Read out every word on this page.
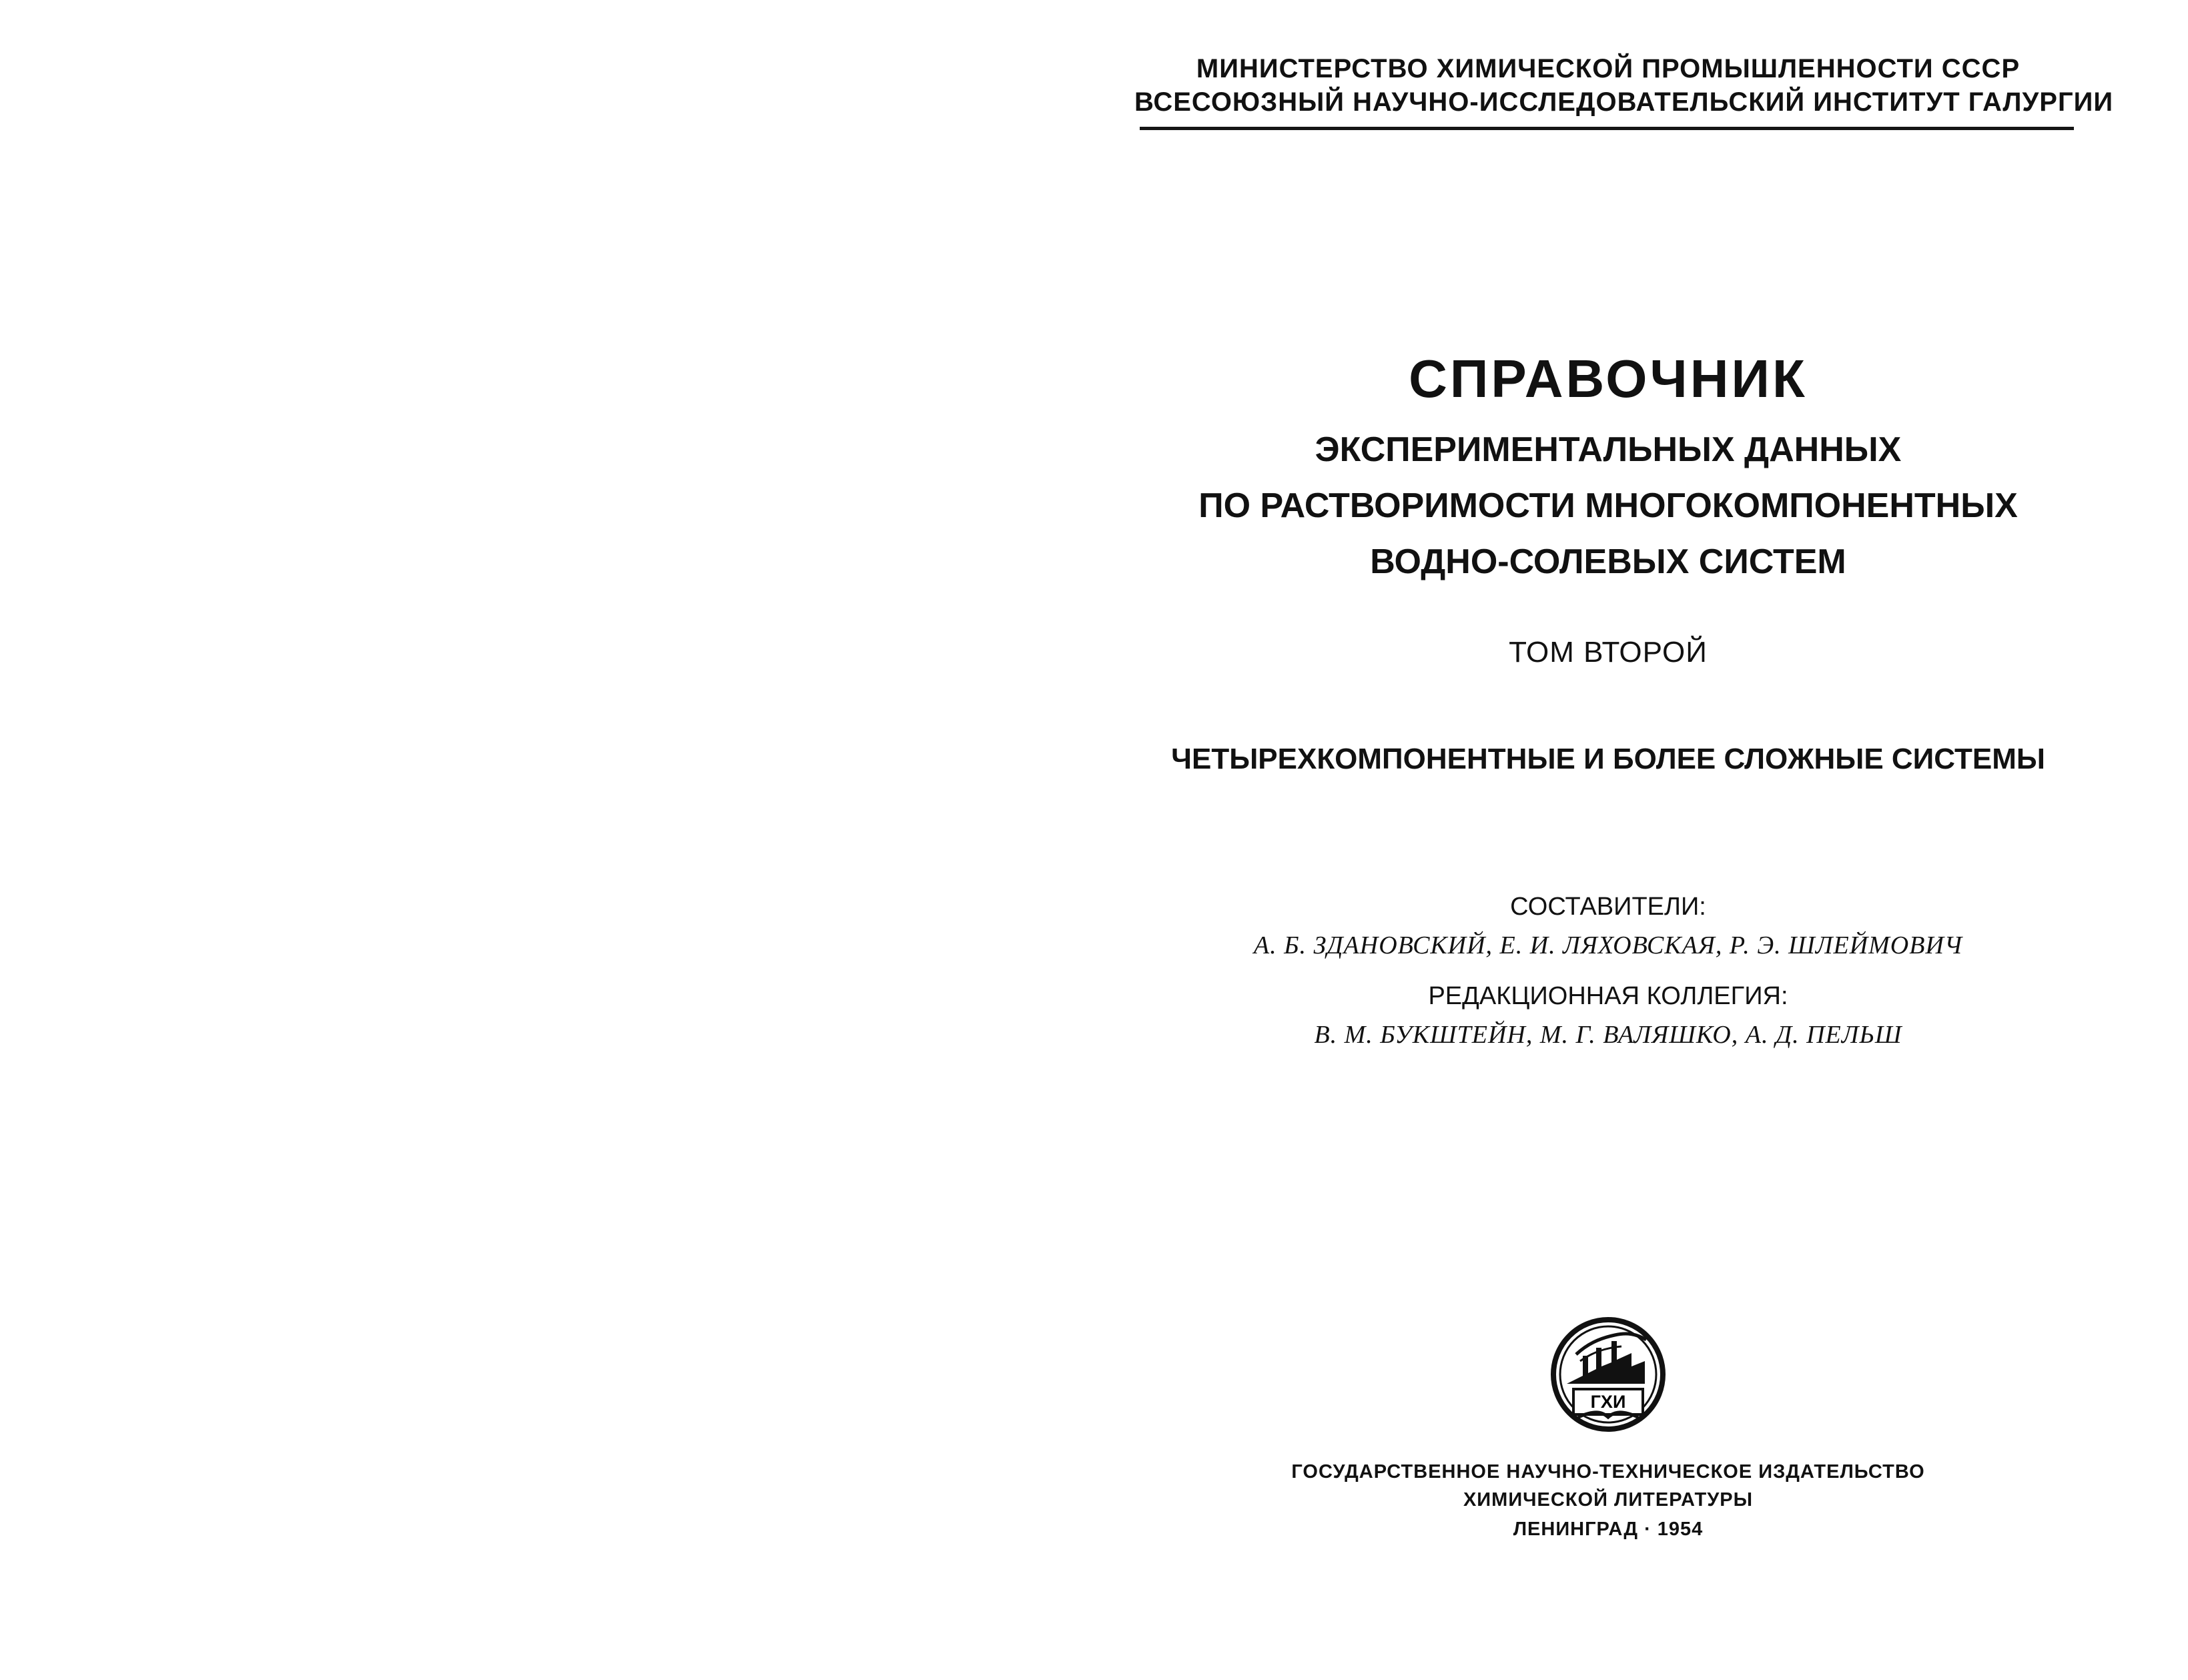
МИНИСТЕРСТВО ХИМИЧЕСКОЙ ПРОМЫШЛЕННОСТИ СССР
ВСЕСОЮЗНЫЙ НАУЧНО-ИССЛЕДОВАТЕЛЬСКИЙ ИНСТИТУТ ГАЛУРГИИ
СПРАВОЧНИК
ЭКСПЕРИМЕНТАЛЬНЫХ ДАННЫХ
ПО РАСТВОРИМОСТИ МНОГОКОМПОНЕНТНЫХ
ВОДНО-СОЛЕВЫХ СИСТЕМ
ТОМ ВТОРОЙ
ЧЕТЫРЕХКОМПОНЕНТНЫЕ И БОЛЕЕ СЛОЖНЫЕ СИСТЕМЫ
СОСТАВИТЕЛИ:
А. Б. ЗДАНОВСКИЙ, Е. И. ЛЯХОВСКАЯ, Р. Э. ШЛЕЙМОВИЧ
РЕДАКЦИОННАЯ КОЛЛЕГИЯ:
В. М. БУКШТЕЙН, М. Г. ВАЛЯШКО, А. Д. ПЕЛЬШ
ГХИ
ГОСУДАРСТВЕННОЕ НАУЧНО-ТЕХНИЧЕСКОЕ ИЗДАТЕЛЬСТВО
ХИМИЧЕСКОЙ ЛИТЕРАТУРЫ
ЛЕНИНГРАД · 1954
